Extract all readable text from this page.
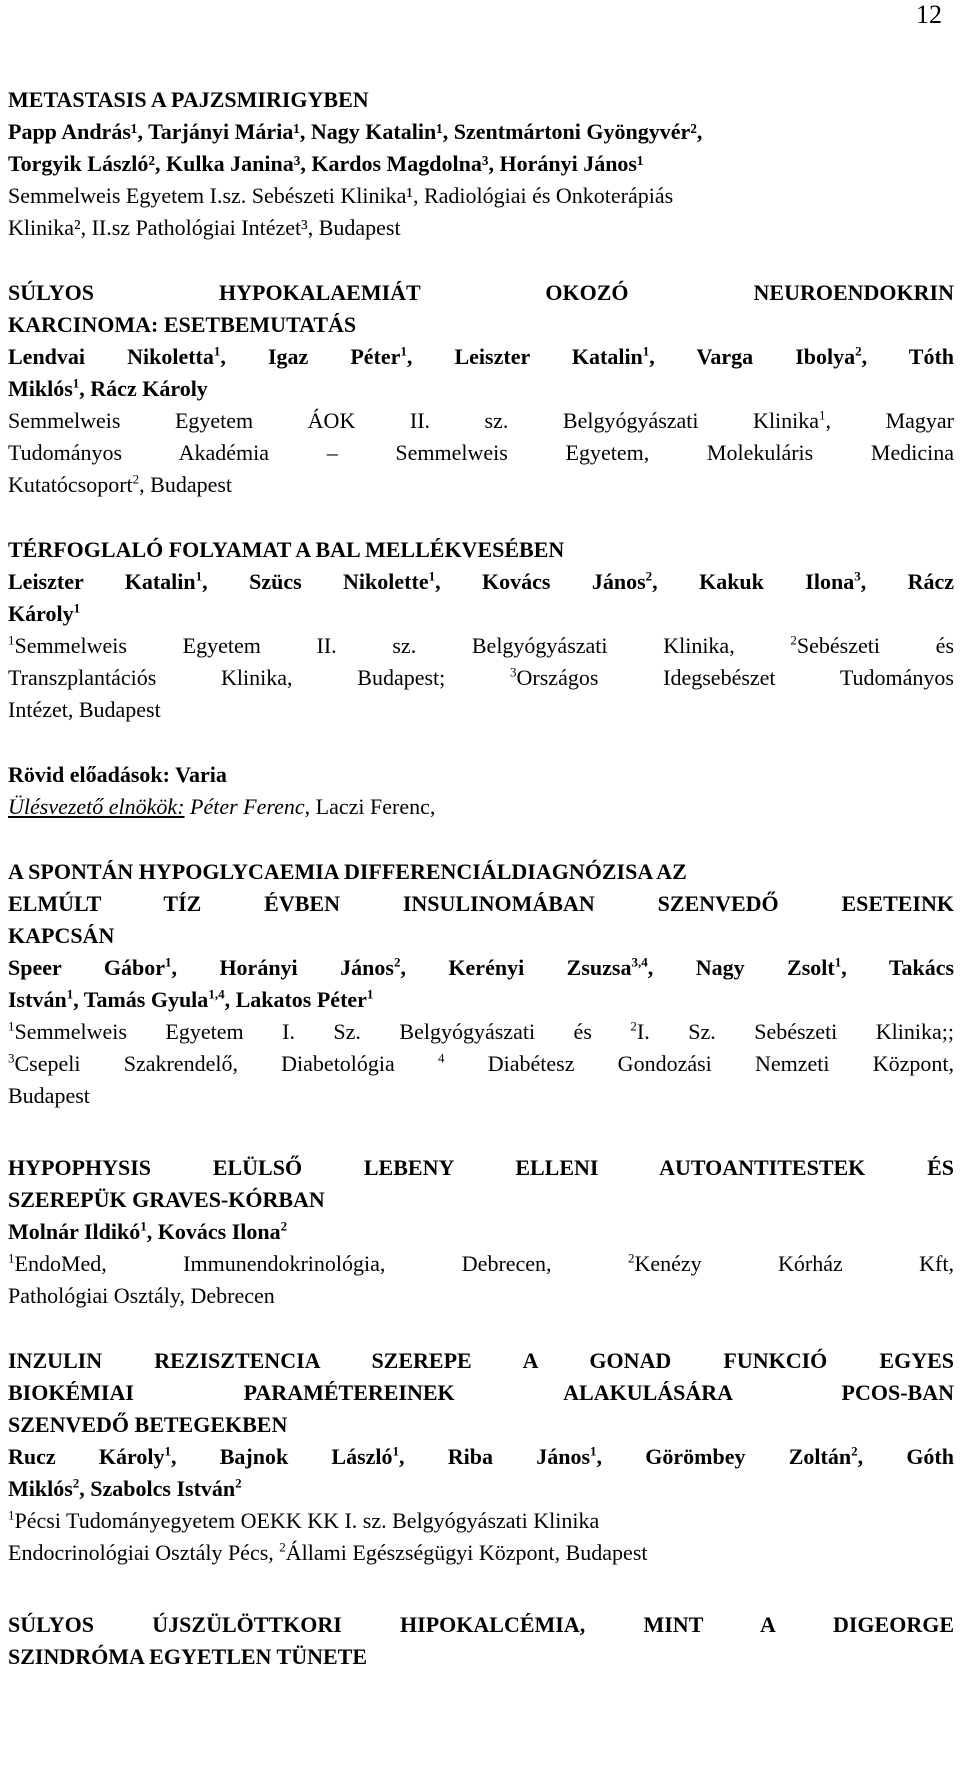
12
METASTASIS A PAJZSMIRIGYBEN
Papp András¹, Tarjányi Mária¹, Nagy Katalin¹, Szentmártoni Gyöngyvér²,
Torgyik László², Kulka Janina³, Kardos Magdolna³, Horányi János¹
Semmelweis Egyetem I.sz. Sebészeti Klinika¹, Radiológiai és Onkoterápiás
Klinika², II.sz Pathológiai Intézet³, Budapest
SÚLYOS HYPOKALAEMIÁT OKOZÓ NEUROENDOKRIN
KARCINOMA: ESETBEMUTATÁS
Lendvai Nikoletta$^1$, Igaz Péter$^1$, Leiszter Katalin$^1$, Varga Ibolya$^2$, Tóth
Miklós$^1$, Rácz Károly
Semmelweis Egyetem ÁOK II. sz. Belgyógyászati Klinika$^1$, Magyar
Tudományos Akadémia – Semmelweis Egyetem, Molekuláris Medicina
Kutatócsoport$^2$, Budapest
TÉRFOGLALÓ FOLYAMAT A BAL MELLÉKVESÉBEN
Leiszter Katalin$^1$, Szücs Nikolette$^1$, Kovács János$^2$, Kakuk Ilona$^3$, Rácz
Károly$^1$
$^1$Semmelweis Egyetem II. sz. Belgyógyászati Klinika,	$^2$Sebészeti és
Transzplantációs Klinika, Budapest;	$^3$Országos Idegsebészet Tudományos
Intézet, Budapest
Rövid előadások: Varia
Ülésvezető elnökök: Péter Ferenc, Laczi Ferenc,
A SPONTÁN HYPOGLYCAEMIA DIFFERENCIÁLDIAGNÓZISA AZ
ELMÚLT TÍZ ÉVBEN INSULINOMÁBAN SZENVEDŐ ESETEINK
KAPCSÁN
Speer Gábor$^1$, Horányi János$^2$, Kerényi Zsuzsa$^{3,4}$, Nagy Zsolt$^1$, Takács
István$^1$, Tamás Gyula$^{1,4}$, Lakatos Péter$^1$
$^1$Semmelweis Egyetem I. Sz. Belgyógyászati és	$^2$I. Sz. Sebészeti Klinika;;
$^3$Csepeli Szakrendelő, Diabetológia	$^4$ Diabétesz Gondozási Nemzeti Központ,
Budapest
HYPOPHYSIS ELÜLSŐ LEBENY ELLENI AUTOANTITESTEK ÉS
SZEREPÜK GRAVES-KÓRBAN
Molnár Ildikó$^1$, Kovács Ilona$^2$
$^1$EndoMed, Immunendokrinológia, Debrecen,	$^2$Kenézy Kórház Kft,
Pathológiai Osztály, Debrecen
INZULIN REZISZTENCIA SZEREPE A GONAD FUNKCIÓ EGYES
BIOKÉMIAI PARAMÉTEREINEK ALAKULÁSÁRA PCOS-BAN
SZENVEDŐ BETEGEKBEN
Rucz Károly$^1$, Bajnok László$^1$, Riba János$^1$, Görömbey Zoltán$^2$, Góth
Miklós$^2$, Szabolcs István$^2$
$^1$Pécsi Tudományegyetem OEKK KK I. sz. Belgyógyászati Klinika
Endocrinológiai Osztály Pécs, $^2$Állami Egészségügyi Központ, Budapest
SÚLYOS ÚJSZÜLÖTTKORI HIPOKALCÉMIA, MINT A DIGEORGE
SZINDRÓMA EGYETLEN TÜNETE
